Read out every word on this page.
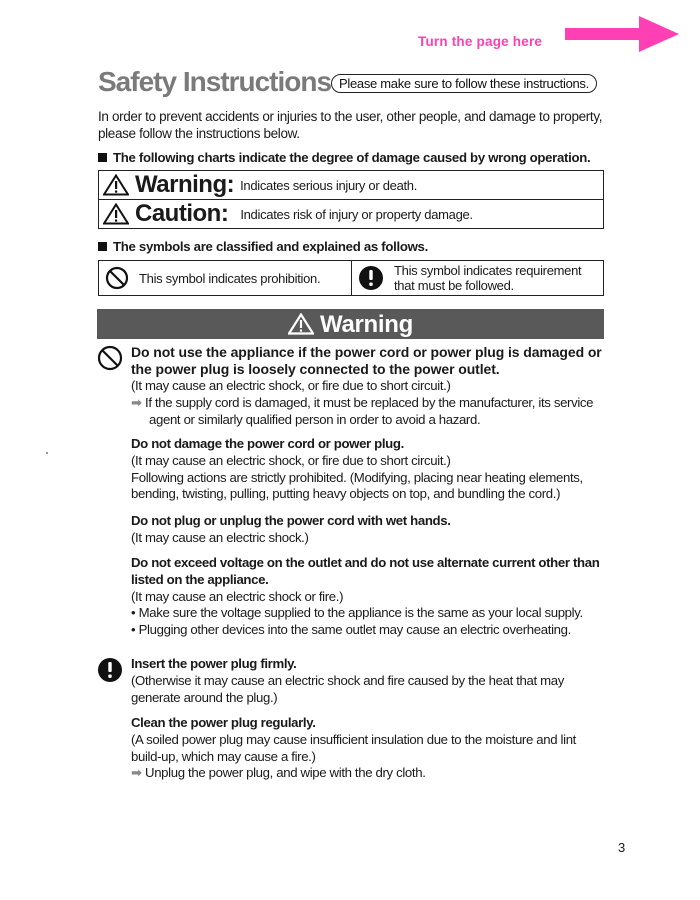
Turn the page here
Safety Instructions Please make sure to follow these instructions.
In order to prevent accidents or injuries to the user, other people, and damage to property, please follow the instructions below.
The following charts indicate the degree of damage caused by wrong operation.
Warning: Indicates serious injury or death.
Caution: Indicates risk of injury or property damage.
The symbols are classified and explained as follows.
This symbol indicates prohibition.	This symbol indicates requirement
that must be followed.
Warning

Do not use the appliance if the power cord or power plug is damaged or the power plug is loosely connected to the power outlet.

(It may cause an electric shock, or fire due to short circuit.)

➡ If the supply cord is damaged, it must be replaced by the manufacturer, its service agent or similarly qualified person in order to avoid a hazard.

Do not damage the power cord or power plug.

(It may cause an electric shock, or fire due to short circuit.)

Following actions are strictly prohibited. (Modifying, placing near heating elements, bending, twisting, pulling, putting heavy objects on top, and bundling the cord.)

Do not plug or unplug the power cord with wet hands.

(It may cause an electric shock.)

Do not exceed voltage on the outlet and do not use alternate current other than listed on the appliance.

(It may cause an electric shock or fire.)

• Make sure the voltage supplied to the appliance is the same as your local supply.

• Plugging other devices into the same outlet may cause an electric overheating.

Insert the power plug firmly.

(Otherwise it may cause an electric shock and fire caused by the heat that may generate around the plug.)

Clean the power plug regularly.

(A soiled power plug may cause insufficient insulation due to the moisture and lint build-up, which may cause a fire.)

➡ Unplug the power plug, and wipe with the dry cloth.

3
